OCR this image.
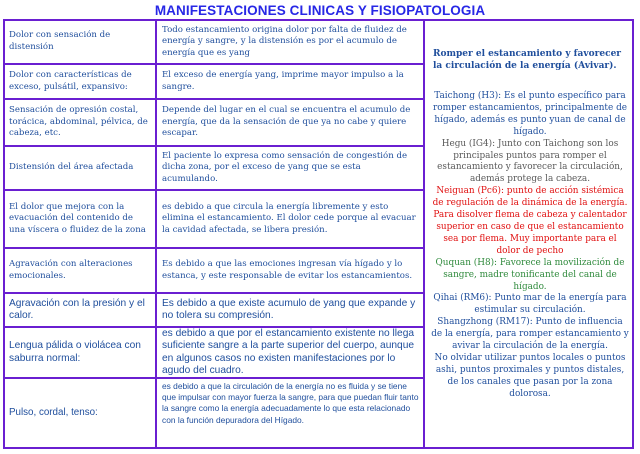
MANIFESTACIONES CLINICAS Y FISIOPATOLOGIA
Dolor con sensación de distensión
Todo estancamiento origina dolor por falta de fluidez de energía y sangre, y la distensión es por el acumulo de energía que es yang
Dolor con características de exceso, pulsátil, expansivo:
El exceso de energía yang, imprime mayor impulso a la sangre.
Sensación de opresión costal, torácica, abdominal, pélvica, de cabeza, etc.
Depende del lugar en el cual se encuentra el acumulo de energía, que da la sensación de que ya no cabe y quiere escapar.
Distensión del área afectada
El paciente lo expresa como sensación de congestión de dicha zona, por el exceso de yang que se esta acumulando.
El dolor que mejora con la evacuación del contenido de una víscera o fluidez de la zona
es debido a que circula la energía libremente y esto elimina el estancamiento. El dolor cede porque al evacuar la cavidad afectada, se libera presión.
Agravación con alteraciones emocionales.
Es debido a que las emociones ingresan vía hígado y lo estanca, y este responsable de evitar los estancamientos.
Agravación con la presión y el calor.
Es debido a que existe acumulo de yang que expande y no tolera su compresión.
Lengua pálida o violácea con saburra normal:
es debido a que por el estancamiento existente no llega suficiente sangre a la parte superior del cuerpo, aunque en algunos casos no existen manifestaciones por lo agudo del cuadro.
Pulso, cordal, tenso:
es debido a que la circulación de la energía no es fluida y se tiene que impulsar con mayor fuerza la sangre, para que puedan fluir tanto la sangre como la energía adecuadamente lo que esta relacionado con la función depuradora del Hígado.
Romper el estancamiento y favorecer la circulación de la energía (Avivar).
Taichong (H3): Es el punto específico para romper estancamientos, principalmente de hígado, además es punto yuan de canal de hígado.
Hegu (IG4): Junto con Taichong son los principales puntos para romper el estancamiento y favorecer la circulación, además protege la cabeza.
Neiguan (Pc6): punto de acción sistémica de regulación de la dinámica de la energía. Para disolver flema de cabeza y calentador superior en caso de que el estancamiento sea por flema. Muy importante para el dolor de pecho
Ququan (H8): Favorece la movilización de sangre, madre tonificante del canal de hígado.
Qihai (RM6): Punto mar de la energía para estimular su circulación.
Shangzhong (RM17): Punto de influencia de la energía, para romper estancamiento y avivar la circulación de la energía.
No olvidar utilizar puntos locales o puntos ashi, puntos proximales y puntos distales, de los canales que pasan por la zona dolorosa.
